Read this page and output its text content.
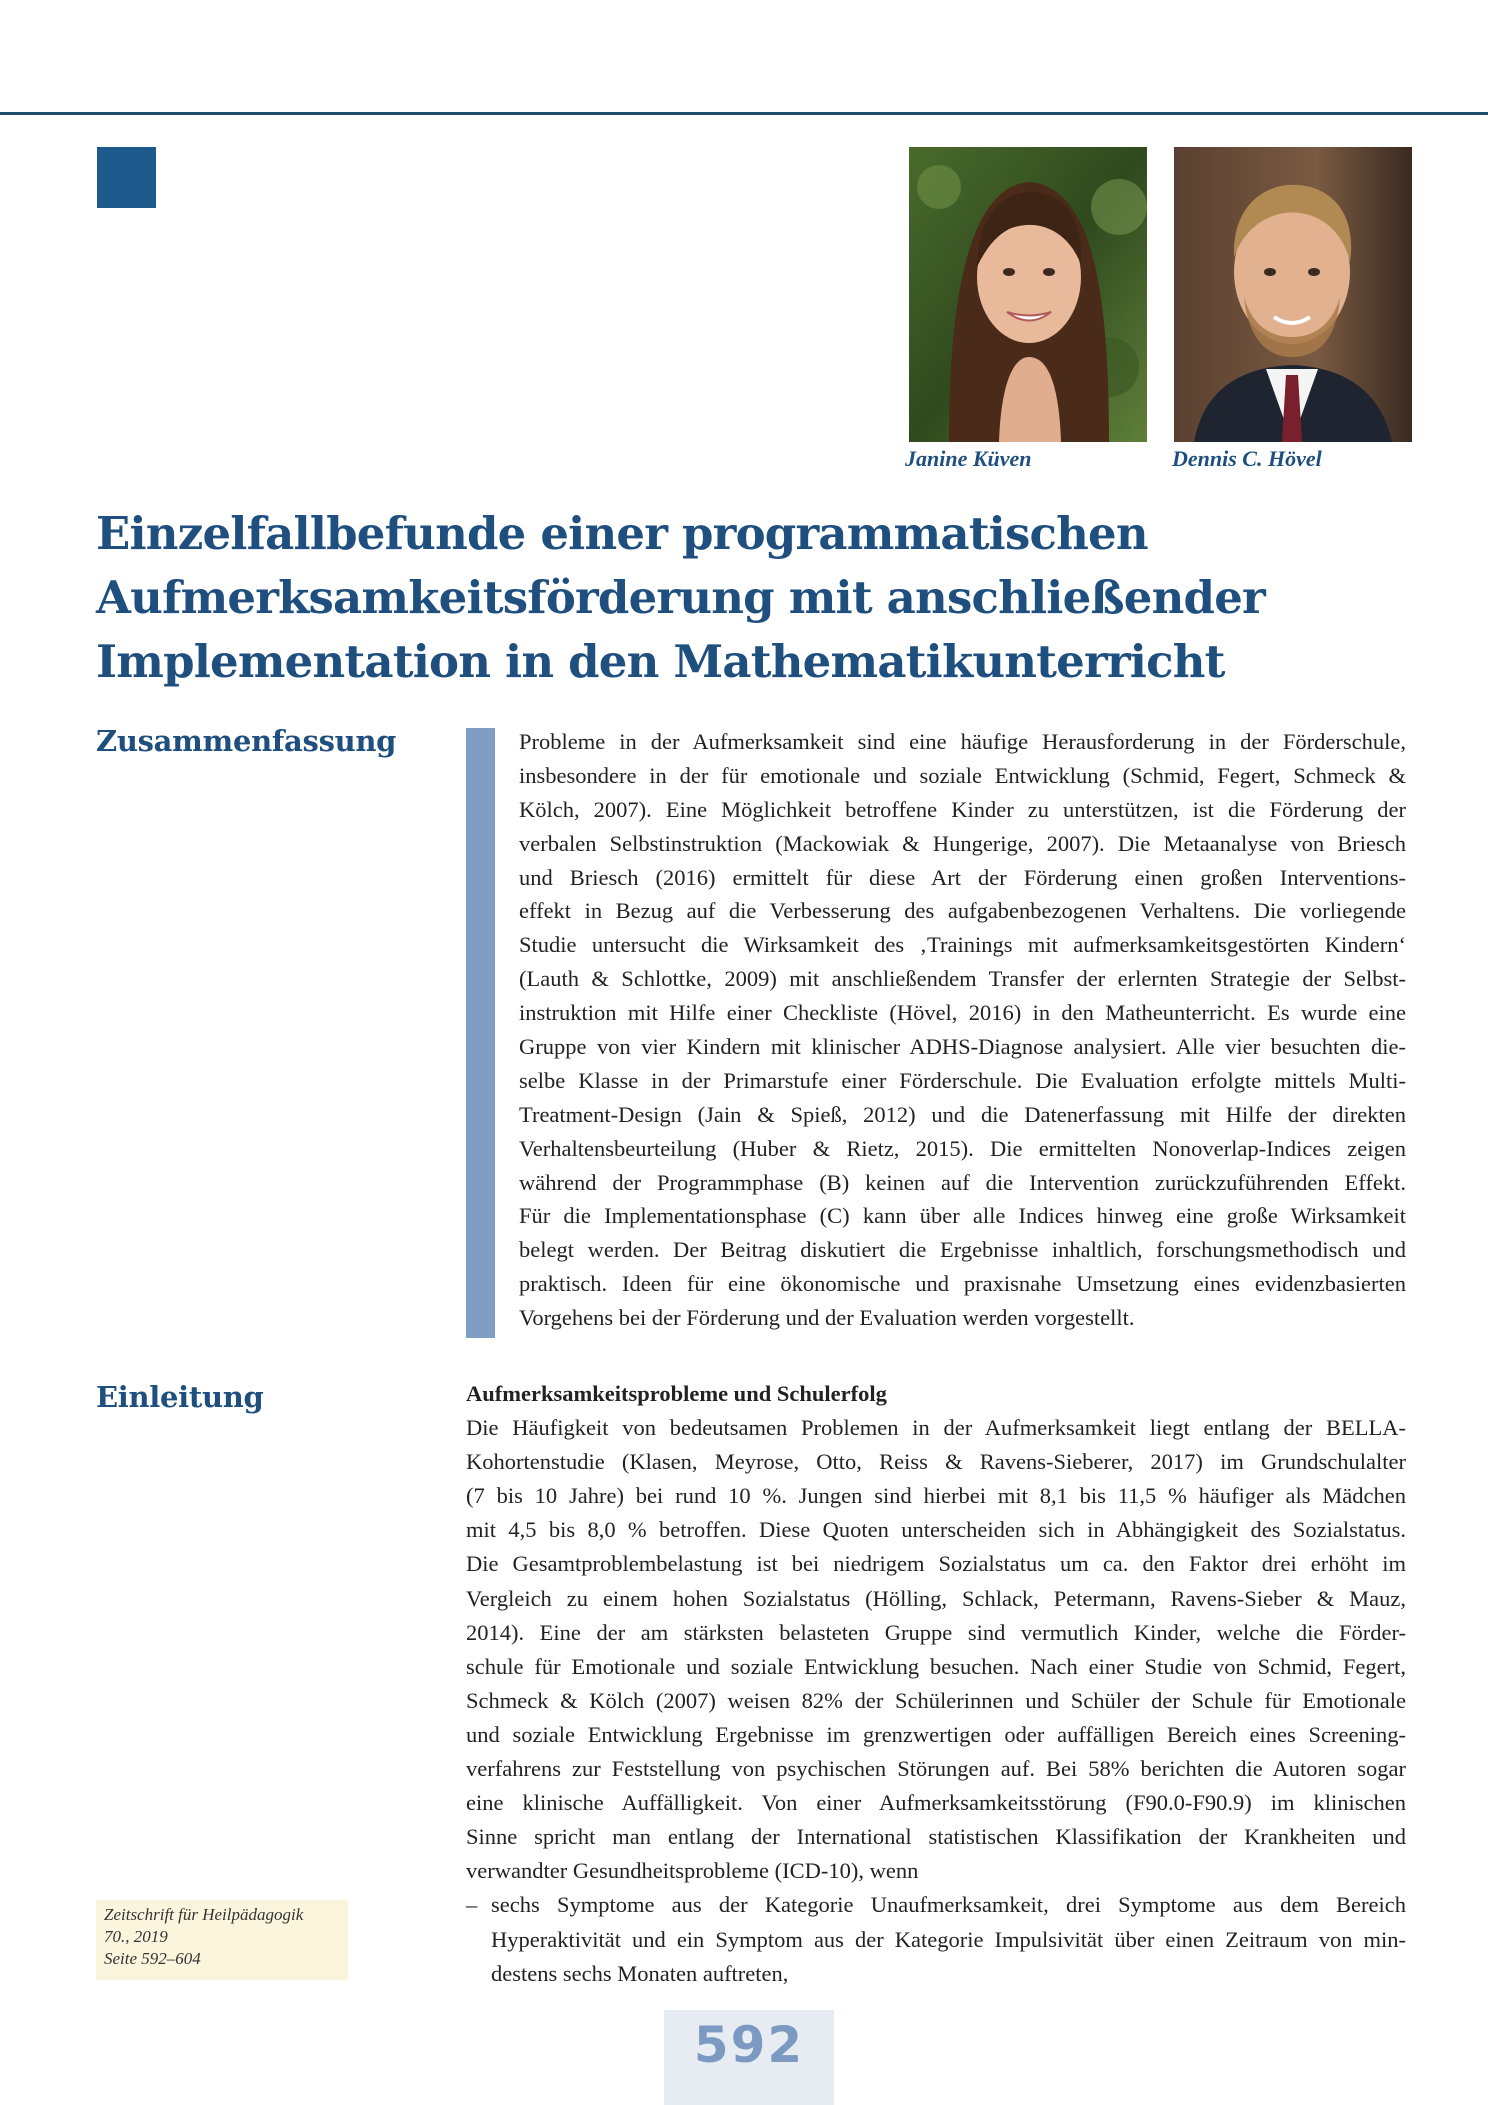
Janine Küven	Dennis C. Hövel
Einzelfallbefunde einer programmatischen
Aufmerksamkeitsförderung mit anschließender
Implementation in den Mathematikunterricht
Zusammenfassung
Einleitung
Probleme in der Aufmerksamkeit sind eine häufige Herausforderung in der Förderschule,
insbesondere in der für emotionale und soziale Entwicklung (Schmid, Fegert, Schmeck &
Kölch, 2007). Eine Möglichkeit betroffene Kinder zu unterstützen, ist die Förderung der
verbalen Selbstinstruktion (Mackowiak & Hungerige, 2007). Die Metaanalyse von Briesch
und Briesch (2016) ermittelt für diese Art der Förderung einen großen Interventions-
effekt in Bezug auf die Verbesserung des aufgabenbezogenen Verhaltens. Die vorliegende
Studie untersucht die Wirksamkeit des ‚Trainings mit aufmerksamkeitsgestörten Kindern‘
(Lauth & Schlottke, 2009) mit anschließendem Transfer der erlernten Strategie der Selbst-
instruktion mit Hilfe einer Checkliste (Hövel, 2016) in den Matheunterricht. Es wurde eine
Gruppe von vier Kindern mit klinischer ADHS-Diagnose analysiert. Alle vier besuchten die-
selbe Klasse in der Primarstufe einer Förderschule. Die Evaluation erfolgte mittels Multi-
Treatment-Design (Jain & Spieß, 2012) und die Datenerfassung mit Hilfe der direkten
Verhaltensbeurteilung (Huber & Rietz, 2015). Die ermittelten Nonoverlap-Indices zeigen
während der Programmphase (B) keinen auf die Intervention zurückzuführenden Effekt.
Für die Implementationsphase (C) kann über alle Indices hinweg eine große Wirksamkeit
belegt werden. Der Beitrag diskutiert die Ergebnisse inhaltlich, forschungsmethodisch und
praktisch. Ideen für eine ökonomische und praxisnahe Umsetzung eines evidenzbasierten
Vorgehens bei der Förderung und der Evaluation werden vorgestellt.
Aufmerksamkeitsprobleme und Schulerfolg
Die Häufigkeit von bedeutsamen Problemen in der Aufmerksamkeit liegt entlang der BELLA-
Kohortenstudie (Klasen, Meyrose, Otto, Reiss & Ravens-Sieberer, 2017) im Grundschulalter
(7 bis 10 Jahre) bei rund 10 %. Jungen sind hierbei mit 8,1 bis 11,5 % häufiger als Mädchen
mit 4,5 bis 8,0 % betroffen. Diese Quoten unterscheiden sich in Abhängigkeit des Sozialstatus.
Die Gesamtproblembelastung ist bei niedrigem Sozialstatus um ca. den Faktor drei erhöht im
Vergleich zu einem hohen Sozialstatus (Hölling, Schlack, Petermann, Ravens-Sieber & Mauz,
2014). Eine der am stärksten belasteten Gruppe sind vermutlich Kinder, welche die Förder-
schule für Emotionale und soziale Entwicklung besuchen. Nach einer Studie von Schmid, Fegert,
Schmeck & Kölch (2007) weisen 82% der Schülerinnen und Schüler der Schule für Emotionale
und soziale Entwicklung Ergebnisse im grenzwertigen oder auffälligen Bereich eines Screening-
verfahrens zur Feststellung von psychischen Störungen auf. Bei 58% berichten die Autoren sogar
eine klinische Auffälligkeit. Von einer Aufmerksamkeitsstörung (F90.0-F90.9) im klinischen
Sinne spricht man entlang der International statistischen Klassifikation der Krankheiten und
verwandter Gesundheitsprobleme (ICD-10), wenn
– sechs Symptome aus der Kategorie Unaufmerksamkeit, drei Symptome aus dem Bereich
Hyperaktivität und ein Symptom aus der Kategorie Impulsivität über einen Zeitraum von min-
destens sechs Monaten auftreten,
Zeitschrift für Heilpädagogik
70., 2019
Seite 592–604
592
